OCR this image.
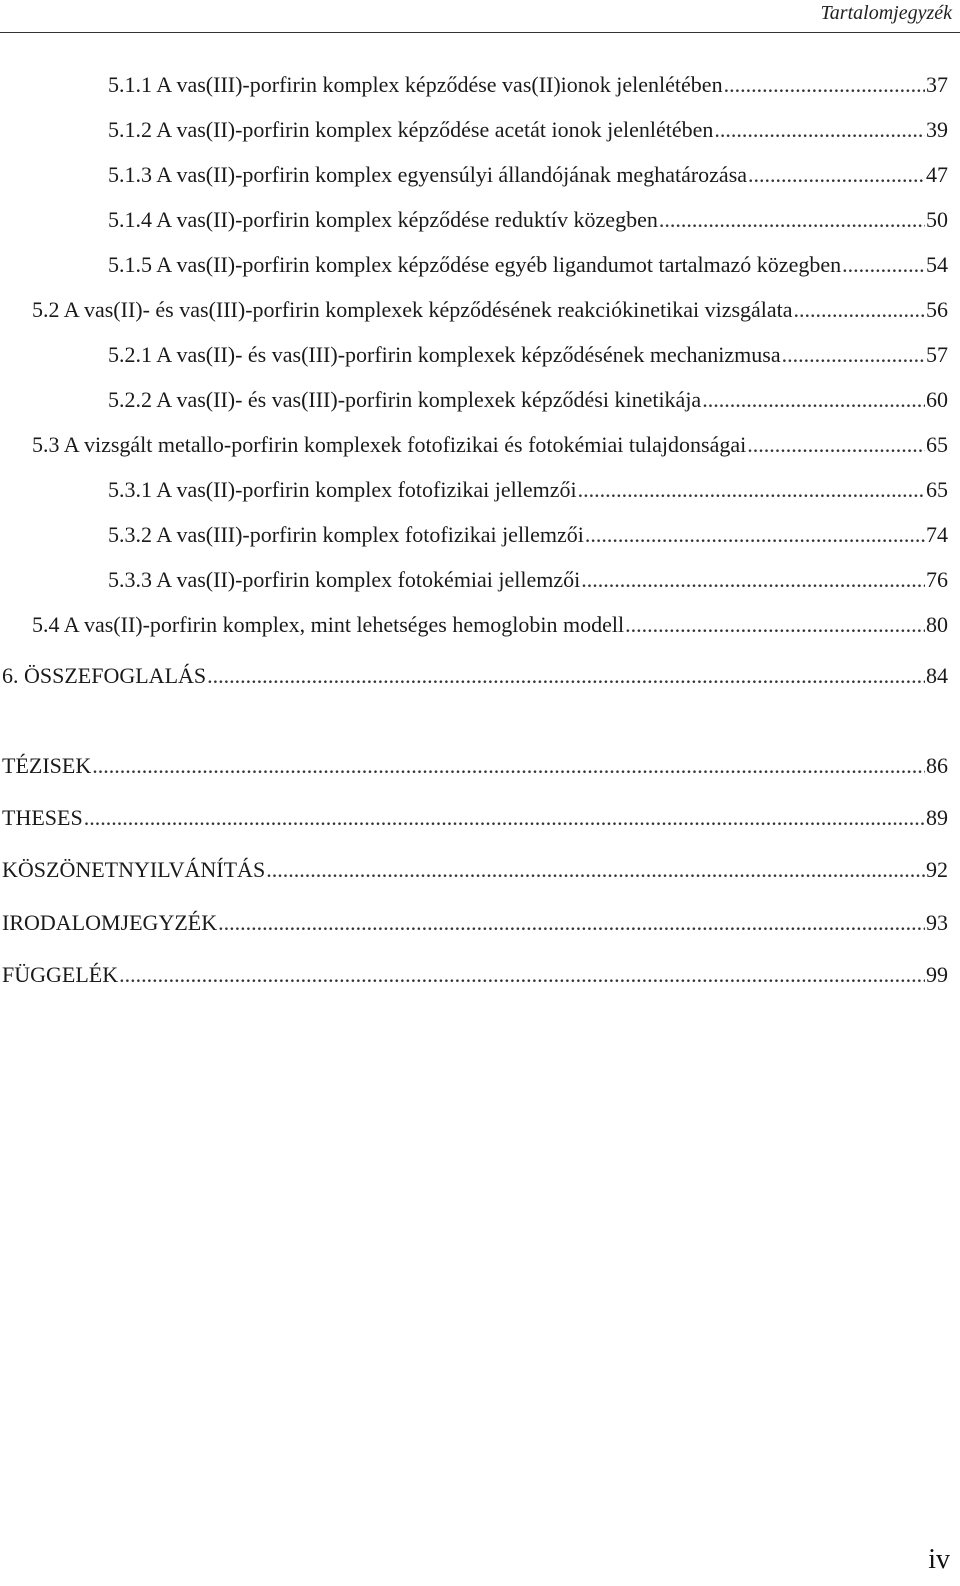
Tartalomjegyzék
5.1.1 A vas(III)-porfirin komplex képződése vas(II)ionok jelenlétében .....	37
5.1.2 A vas(II)-porfirin komplex képződése acetát ionok jelenlétében .....	39
5.1.3 A vas(II)-porfirin komplex egyensúlyi állandójának meghatározása .....	47
5.1.4 A vas(II)-porfirin komplex képződése reduktív közegben .....	50
5.1.5 A vas(II)-porfirin komplex képződése egyéb ligandumot tartalmazó közegben .....	54
5.2 A vas(II)- és vas(III)-porfirin komplexek képződésének reakciókinetikai vizsgálata .....	56
5.2.1 A vas(II)- és vas(III)-porfirin komplexek képződésének mechanizmusa .....	57
5.2.2 A vas(II)- és vas(III)-porfirin komplexek képződési kinetikája .....	60
5.3 A vizsgált metallo-porfirin komplexek fotofizikai és fotokémiai tulajdonságai .....	65
5.3.1 A vas(II)-porfirin komplex fotofizikai jellemzői .....	65
5.3.2 A vas(III)-porfirin komplex fotofizikai jellemzői .....	74
5.3.3 A vas(II)-porfirin komplex fotokémiai jellemzői .....	76
5.4 A vas(II)-porfirin komplex, mint lehetséges hemoglobin modell .....	80
6. ÖSSZEFOGLALÁS .....	84
TÉZISEK .....	86
THESES .....	89
KÖSZÖNETNYILVÁNÍTÁS .....	92
IRODALOMJEGYZÉK .....	93
FÜGGELÉK .....	99
iv
